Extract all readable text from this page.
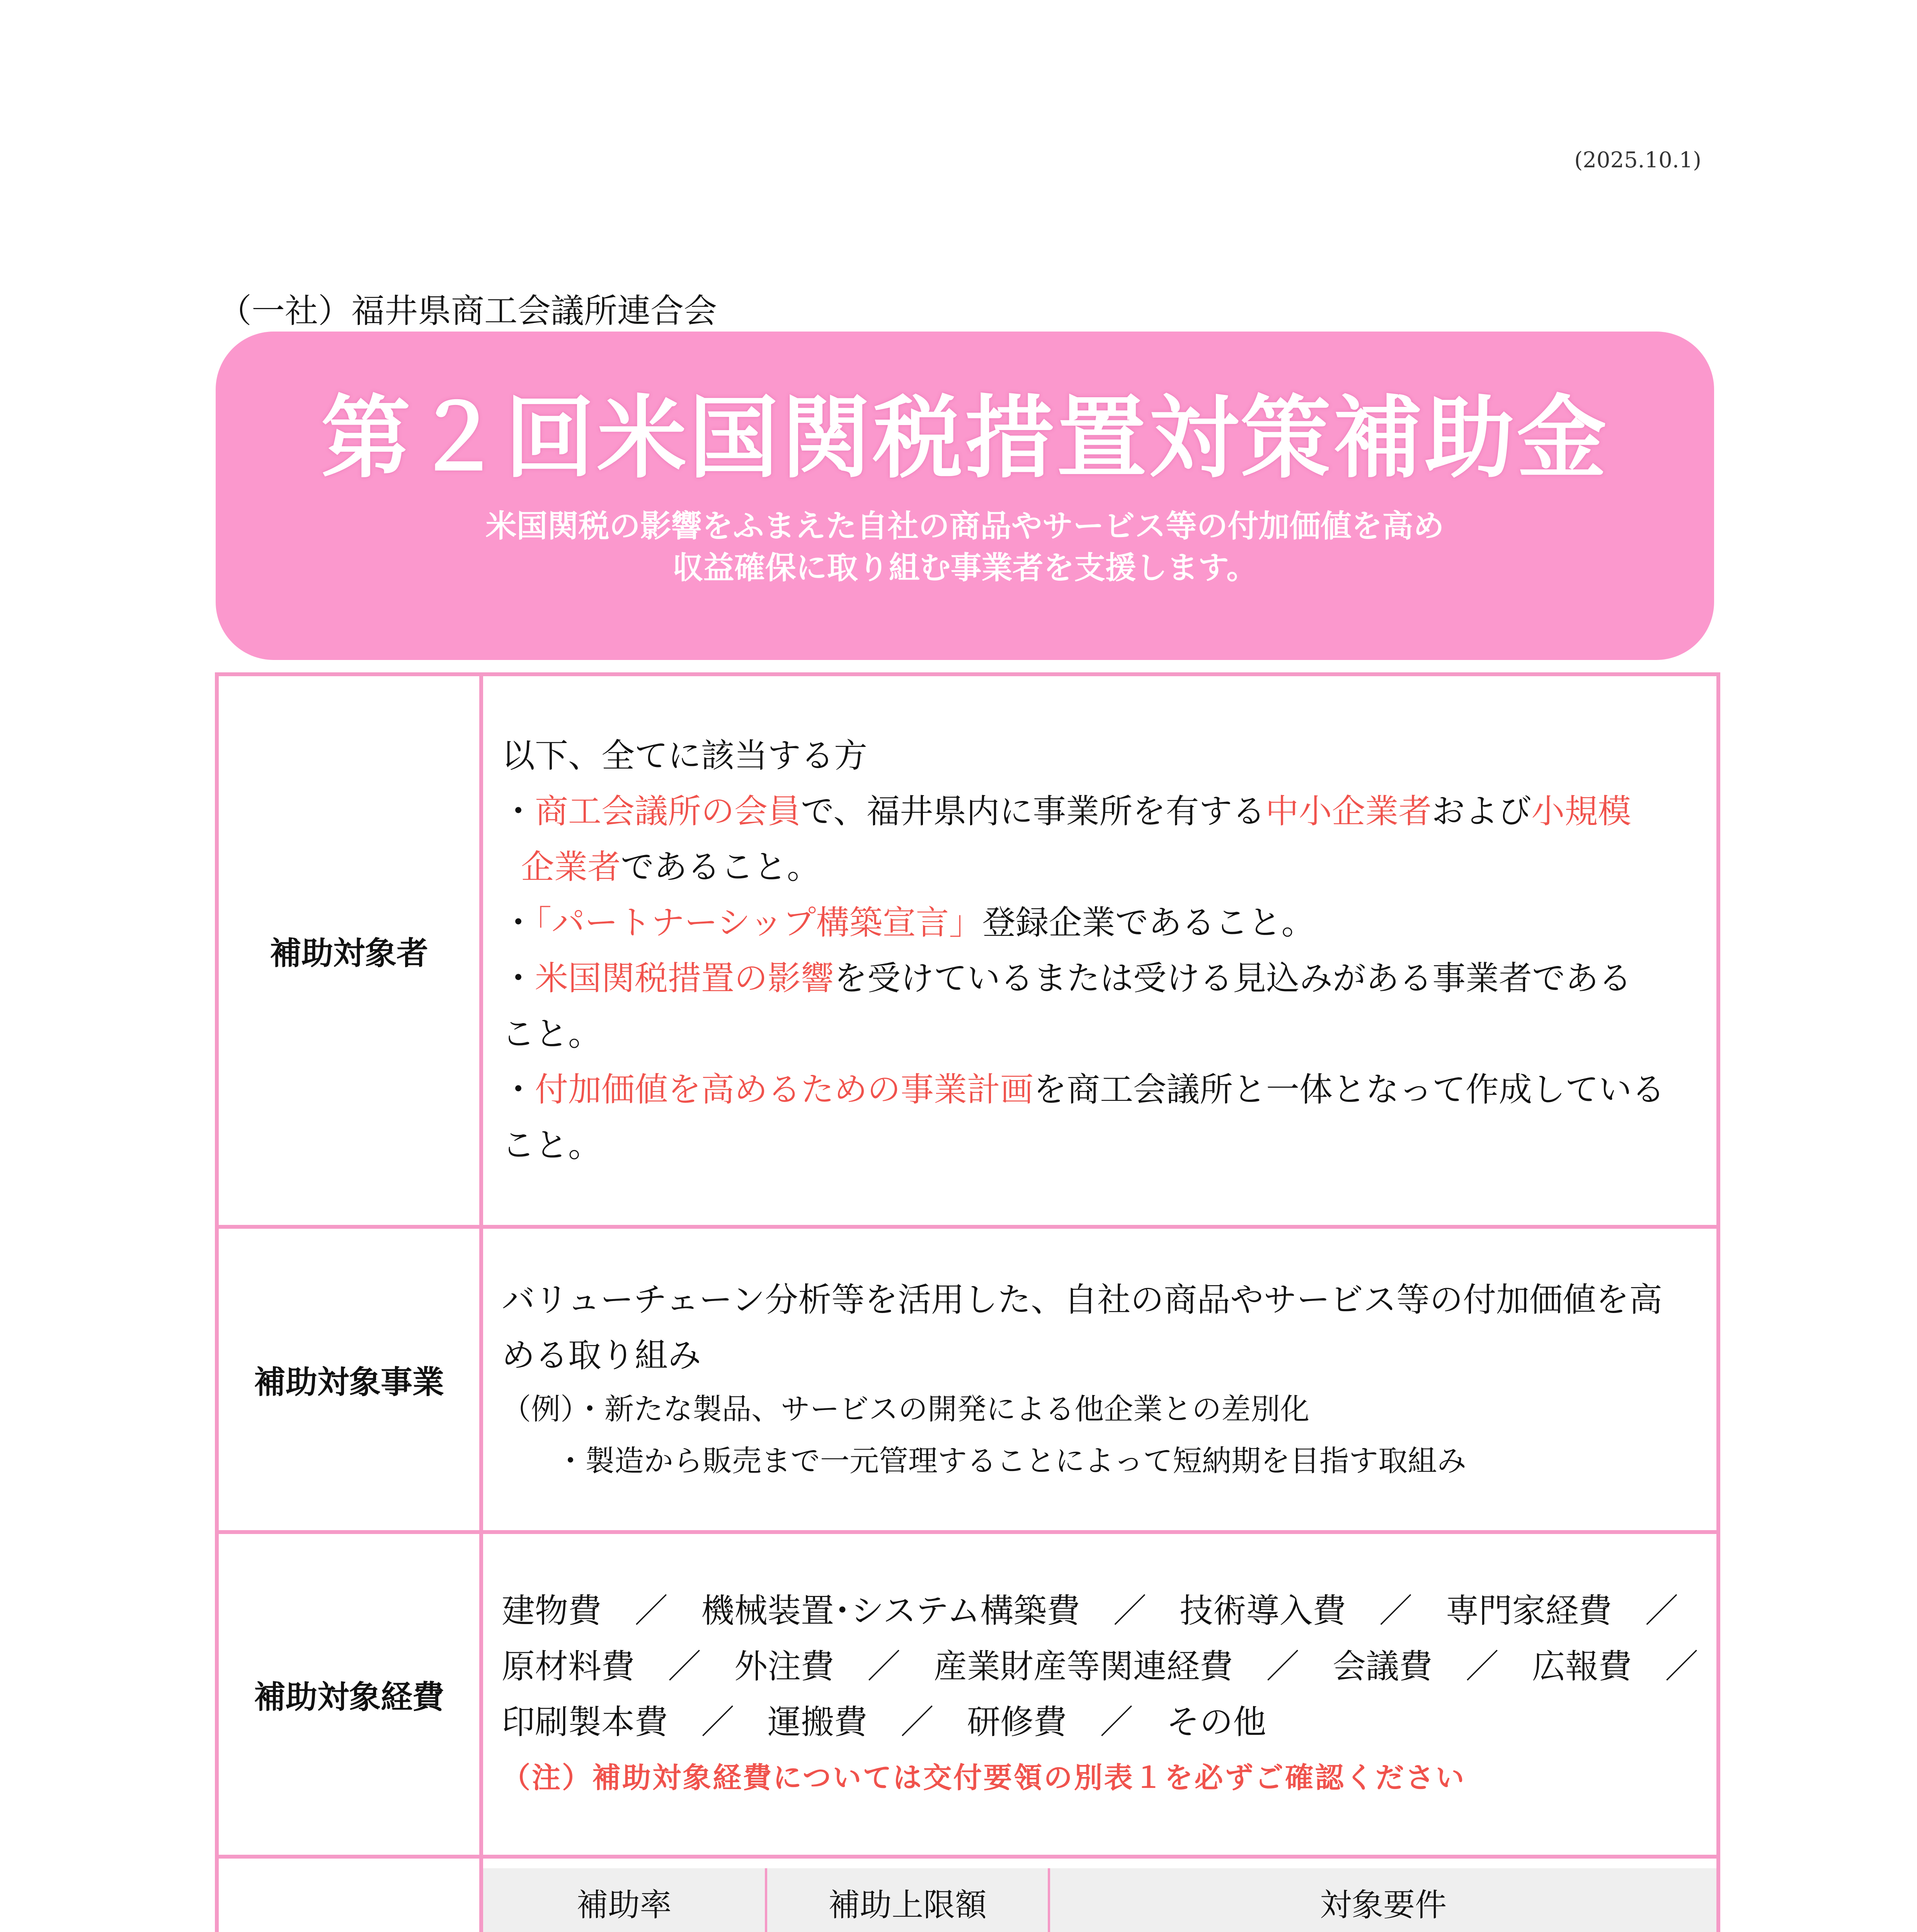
(2025.10.1)
（一社）福井県商工会議所連合会
第２回米国関税措置対策補助金
米国関税の影響をふまえた自社の商品やサービス等の付加価値を高め
収益確保に取り組む事業者を支援します。
補助対象者	
以下、全てに該当する方
・商工会議所の会員で、福井県内に事業所を有する中小企業者および小規模
企業者であること。
・「パートナーシップ構築宣言」登録企業であること。
・米国関税措置の影響を受けているまたは受ける見込みがある事業者である
こと。
・付加価値を高めるための事業計画を商工会議所と一体となって作成している
こと。

補助対象事業	
バリューチェーン分析等を活用した、自社の商品やサービス等の付加価値を高
める取り組み
（例）・新たな製品、サービスの開発による他企業との差別化
・製造から販売まで一元管理することによって短納期を目指す取組み

補助対象経費	
建物費　／　機械装置･システム構築費　／　技術導入費　／　専門家経費　／
原材料費　／　外注費　／　産業財産等関連経費　／　会議費　／　広報費　／
印刷製本費　／　運搬費　／　研修費　／　その他
（注）補助対象経費については交付要領の別表１を必ずご確認ください

補助率	補助上限額	対象要件
